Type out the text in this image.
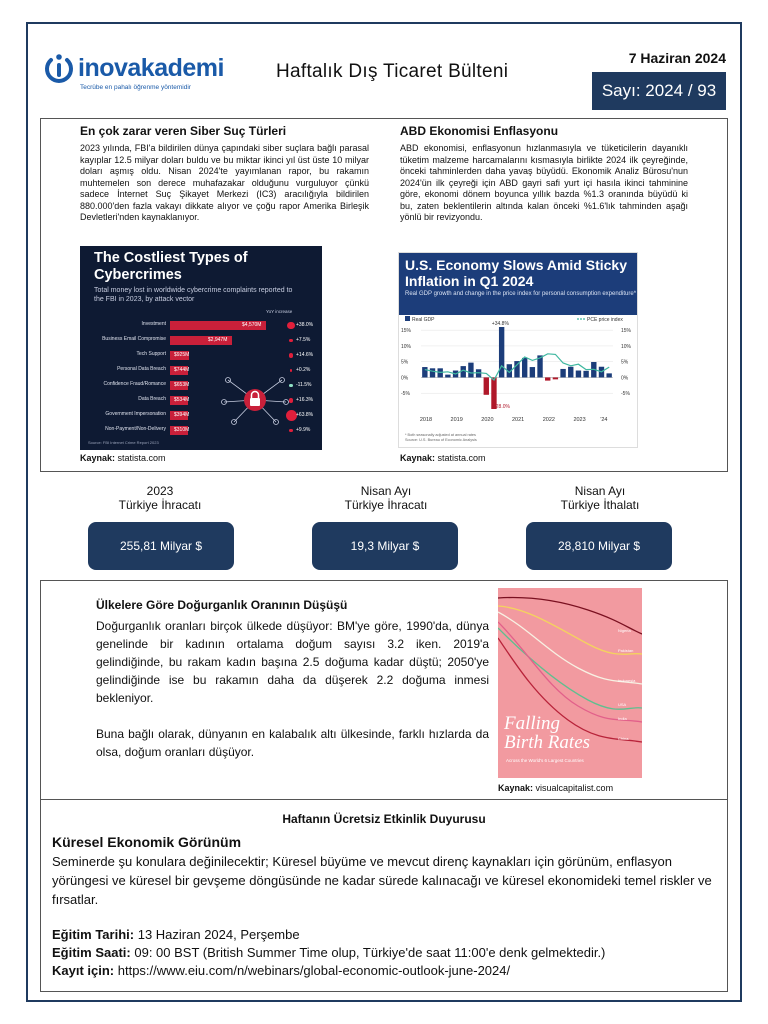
inovakademi
Tecrübe en pahalı öğrenme yöntemidir
Haftalık Dış Ticaret Bülteni
7 Haziran 2024
Sayı: 2024 / 93
En çok zarar veren Siber Suç Türleri
2023 yılında, FBI'a bildirilen dünya çapındaki siber suçlara bağlı parasal kayıplar 12.5 milyar doları buldu ve bu miktar ikinci yıl üst üste 10 milyar doları aşmış oldu. Nisan 2024'te yayımlanan rapor, bu rakamın muhtemelen son derece muhafazakar olduğunu vurguluyor çünkü sadece İnternet Suç Şikayet Merkezi (IC3) aracılığıyla bildirilen 880.000'den fazla vakayı dikkate alıyor ve çoğu rapor Amerika Birleşik Devletleri'nden kaynaklanıyor.
ABD Ekonomisi Enflasyonu
ABD ekonomisi, enflasyonun hızlanmasıyla ve tüketicilerin dayanıklı tüketim malzeme harcamalarını kısmasıyla birlikte 2024 ilk çeyreğinde, önceki tahminlerden daha yavaş büyüdü. Ekonomik Analiz Bürosu'nun 2024'ün ilk çeyreği için ABD gayri safi yurt içi hasıla ikinci tahminine göre, ekonomi dönem boyunca yıllık bazda %1.3 oranında büyüdü ki bu, zaten beklentilerin altında kalan önceki %1.6'lık tahminden aşağı yönlü bir revizyondu.
The Costliest Types of Cybercrimes
Total money lost in worldwide cybercrime complaints reported to the FBI in 2023, by attack vector
YoY increase
Investment	$4,570M	+38.0%
Business Email Compromise	$2,947M	+7.5%
Tech Support $925M	+14.6%
Personal Data Breach $744M	+0.2%
Confidence Fraud/Romance $653M	-11.5%
Data Breach $534M	+16.3%
Government Impersonation $394M	+63.8%
Non-Payment/Non-Delivery $310M	+9.9%
Source: FBI Internet Crime Report 2023
Kaynak: statista.com
U.S. Economy Slows Amid Sticky Inflation in Q1 2024
Real GDP growth and change in the price index for personal consumption expenditure*
Real GDP	PCE price index
15%	15%
10%	10%
5%	5%
0%	0%
-5%	-5%
+34.8%
-28.0%
2018	2019	2020	2021	2022	2023	'24
* Both seasonally adjusted at annual rates
Source: U.S. Bureau of Economic Analysis
Kaynak: statista.com
2023
Türkiye İhracatı
255,81 Milyar $
Nisan Ayı
Türkiye İhracatı
19,3 Milyar $
Nisan Ayı
Türkiye İthalatı
28,810 Milyar $
Ülkelere Göre Doğurganlık Oranının Düşüşü

Doğurganlık oranları birçok ülkede düşüyor: BM'ye göre, 1990'da, dünya genelinde bir kadının ortalama doğum sayısı 3.2 iken. 2019'a gelindiğinde, bu rakam kadın başına 2.5 doğuma kadar düştü; 2050'ye gelindiğinde ise bu rakamın daha da düşerek 2.2 doğuma inmesi bekleniyor.

Buna bağlı olarak, dünyanın en kalabalık altı ülkesinde, farklı hızlarda da olsa, doğum oranları düşüyor.

Nigeria
Pakistan
Indonesia
USA
India
China
Falling
Birth Rates
Across the World's 6 Largest Countries
Kaynak: visualcapitalist.com
Haftanın Ücretsiz Etkinlik Duyurusu
Küresel Ekonomik Görünüm
Seminerde şu konulara değinilecektir; Küresel büyüme ve mevcut direnç kaynakları için görünüm, enflasyon yörüngesi ve küresel bir gevşeme döngüsünde ne kadar sürede kalınacağı ve küresel ekonomideki temel riskler ve fırsatlar.
Eğitim Tarihi: 13 Haziran 2024, Perşembe
Eğitim Saati: 09: 00 BST (British Summer Time olup, Türkiye'de saat 11:00'e denk gelmektedir.)
Kayıt için: https://www.eiu.com/n/webinars/global-economic-outlook-june-2024/
